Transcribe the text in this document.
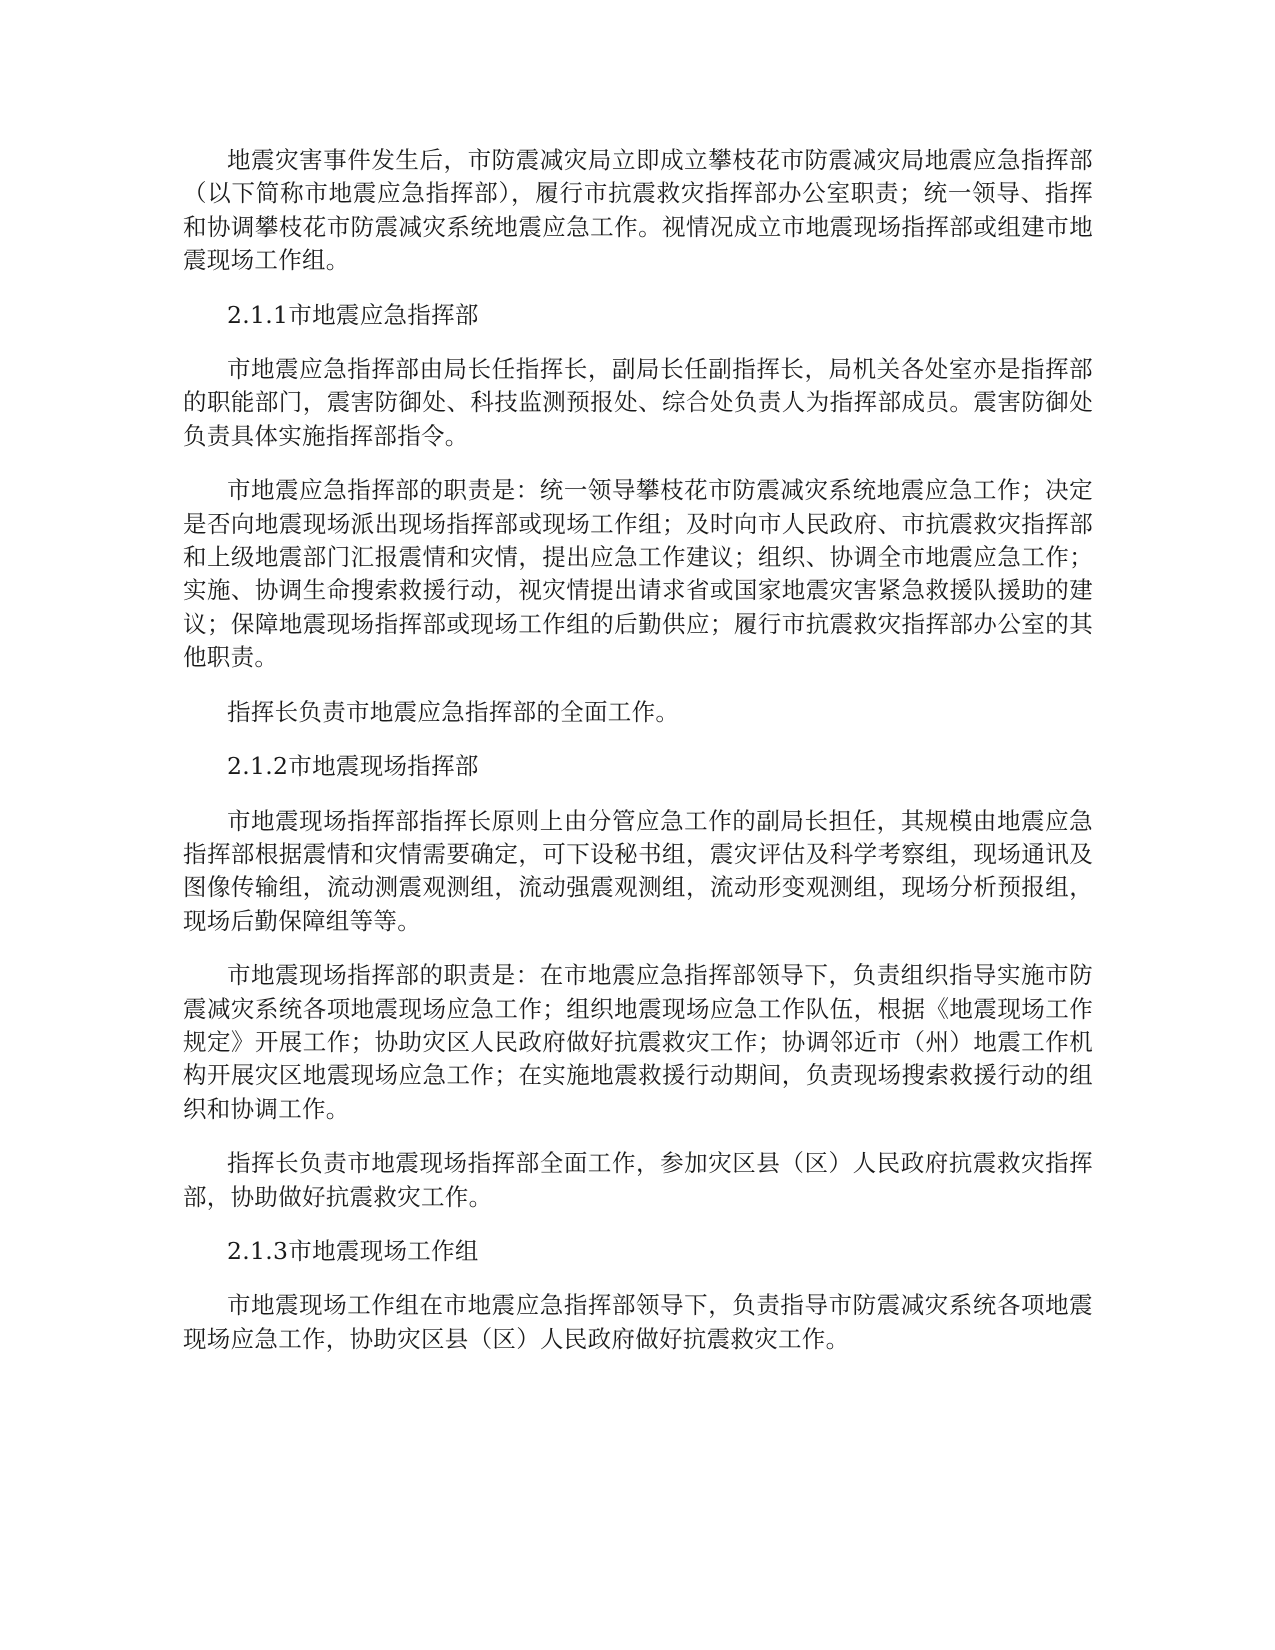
地震灾害事件发生后，市防震减灾局立即成立攀枝花市防震减灾局地震应急指挥部（以下简称市地震应急指挥部），履行市抗震救灾指挥部办公室职责；统一领导、指挥和协调攀枝花市防震减灾系统地震应急工作。视情况成立市地震现场指挥部或组建市地震现场工作组。

2.1.1市地震应急指挥部

市地震应急指挥部由局长任指挥长，副局长任副指挥长，局机关各处室亦是指挥部的职能部门，震害防御处、科技监测预报处、综合处负责人为指挥部成员。震害防御处负责具体实施指挥部指令。

市地震应急指挥部的职责是：统一领导攀枝花市防震减灾系统地震应急工作；决定是否向地震现场派出现场指挥部或现场工作组；及时向市人民政府、市抗震救灾指挥部和上级地震部门汇报震情和灾情，提出应急工作建议；组织、协调全市地震应急工作；实施、协调生命搜索救援行动，视灾情提出请求省或国家地震灾害紧急救援队援助的建议；保障地震现场指挥部或现场工作组的后勤供应；履行市抗震救灾指挥部办公室的其他职责。

指挥长负责市地震应急指挥部的全面工作。

2.1.2市地震现场指挥部

市地震现场指挥部指挥长原则上由分管应急工作的副局长担任，其规模由地震应急指挥部根据震情和灾情需要确定，可下设秘书组，震灾评估及科学考察组，现场通讯及图像传输组，流动测震观测组，流动强震观测组，流动形变观测组，现场分析预报组，现场后勤保障组等等。

市地震现场指挥部的职责是：在市地震应急指挥部领导下，负责组织指导实施市防震减灾系统各项地震现场应急工作；组织地震现场应急工作队伍，根据《地震现场工作规定》开展工作；协助灾区人民政府做好抗震救灾工作；协调邻近市（州）地震工作机构开展灾区地震现场应急工作；在实施地震救援行动期间，负责现场搜索救援行动的组织和协调工作。

指挥长负责市地震现场指挥部全面工作，参加灾区县（区）人民政府抗震救灾指挥部，协助做好抗震救灾工作。

2.1.3市地震现场工作组

市地震现场工作组在市地震应急指挥部领导下，负责指导市防震减灾系统各项地震现场应急工作，协助灾区县（区）人民政府做好抗震救灾工作。
